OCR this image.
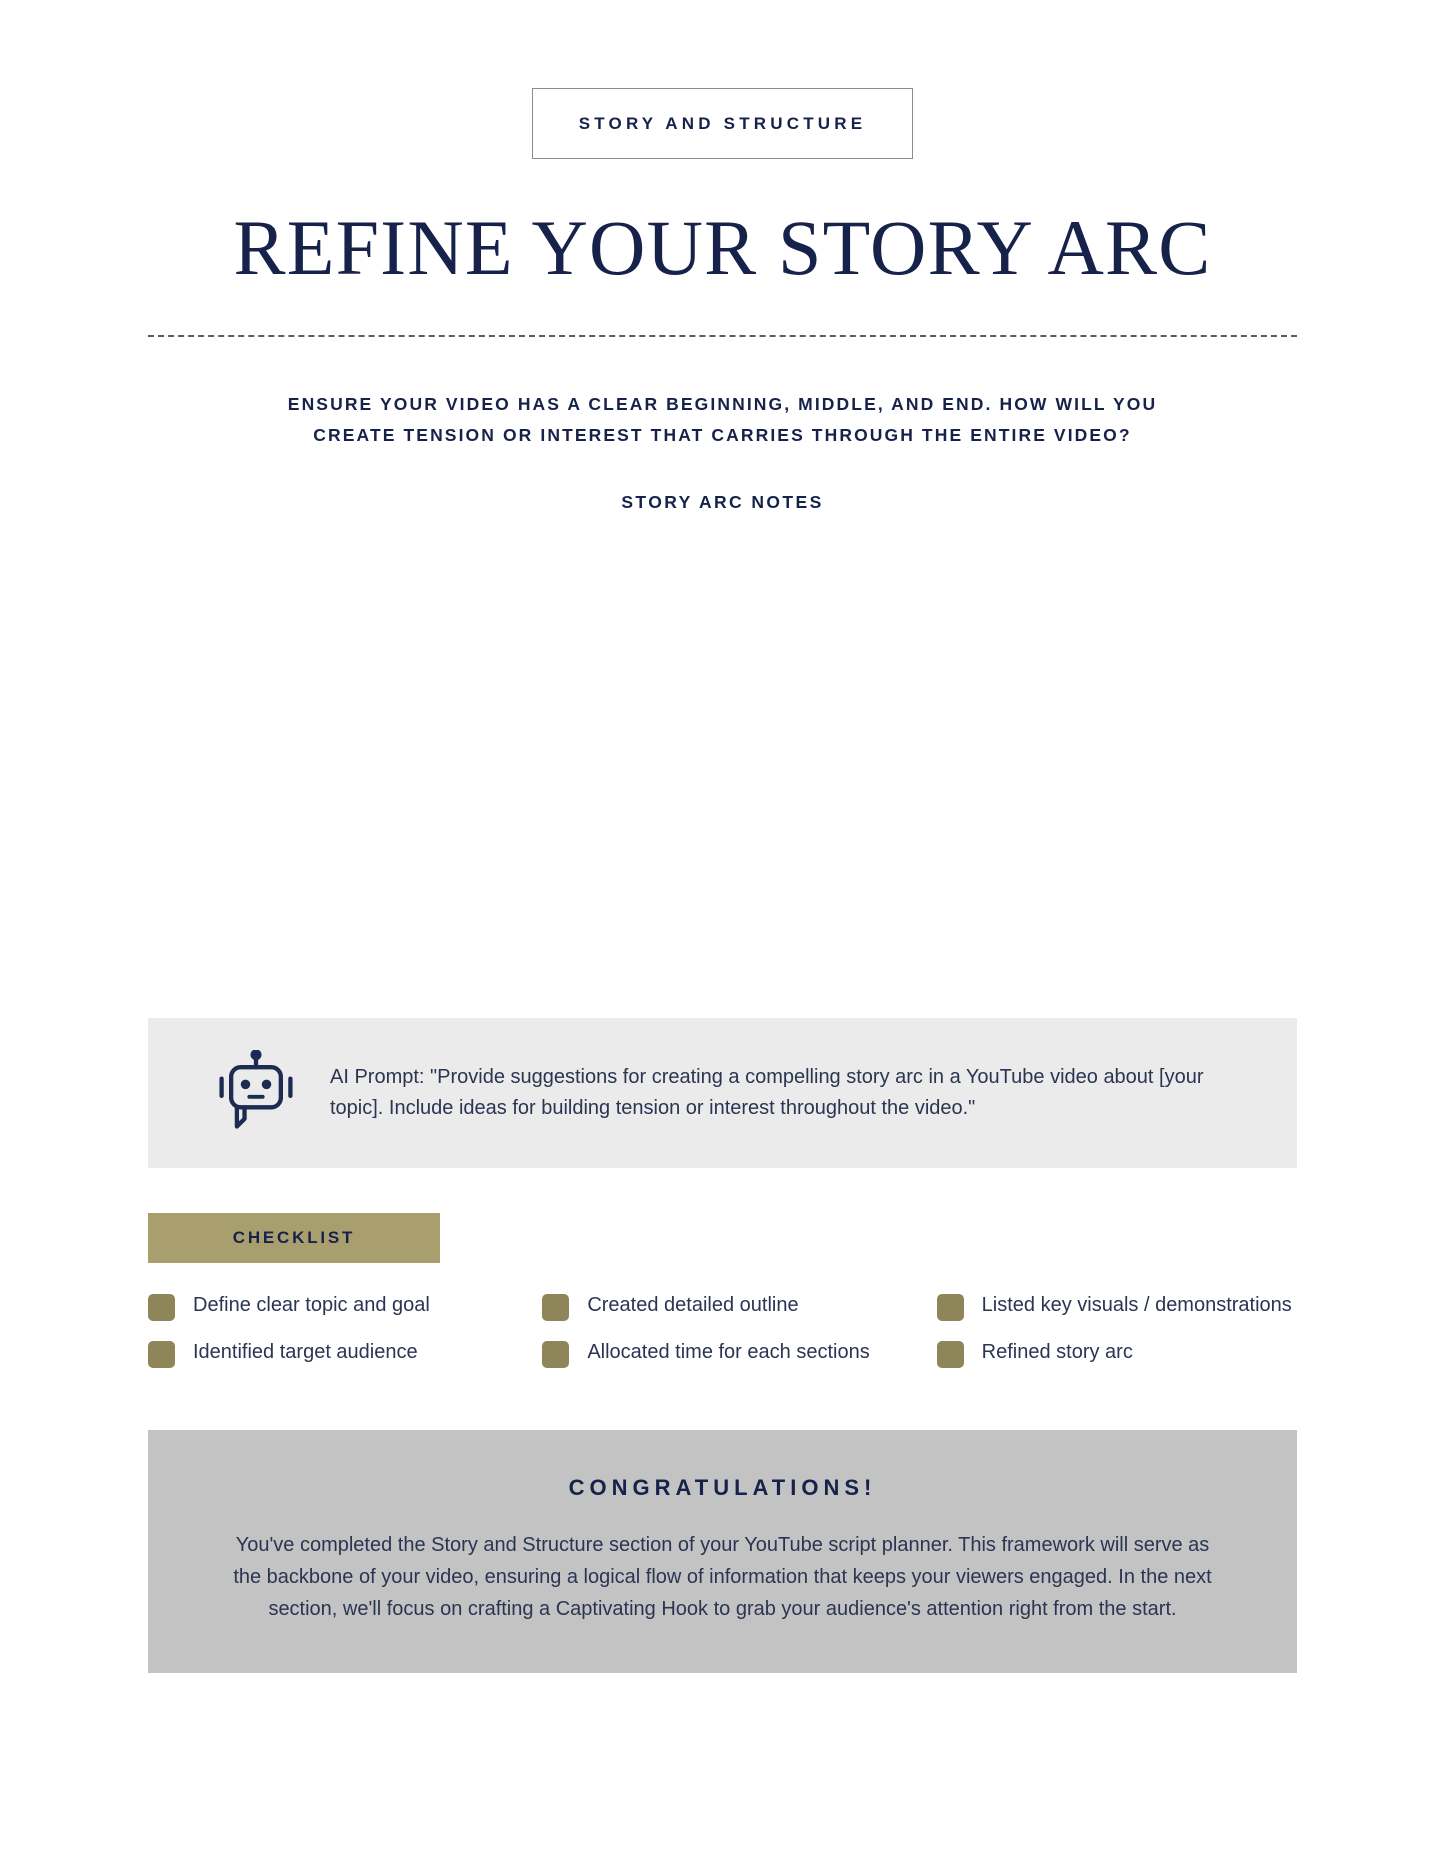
STORY AND STRUCTURE
REFINE YOUR STORY ARC
ENSURE YOUR VIDEO HAS A CLEAR BEGINNING, MIDDLE, AND END. HOW WILL YOU CREATE TENSION OR INTEREST THAT CARRIES THROUGH THE ENTIRE VIDEO?
STORY ARC NOTES
AI Prompt: "Provide suggestions for creating a compelling story arc in a YouTube video about [your topic]. Include ideas for building tension or interest throughout the video."
CHECKLIST
Define clear topic and goal
Identified target audience
Created detailed outline
Allocated time for each sections
Listed key visuals / demonstrations
Refined story arc
CONGRATULATIONS!
You've completed the Story and Structure section of your YouTube script planner. This framework will serve as the backbone of your video, ensuring a logical flow of information that keeps your viewers engaged. In the next section, we'll focus on crafting a Captivating Hook to grab your audience's attention right from the start.
